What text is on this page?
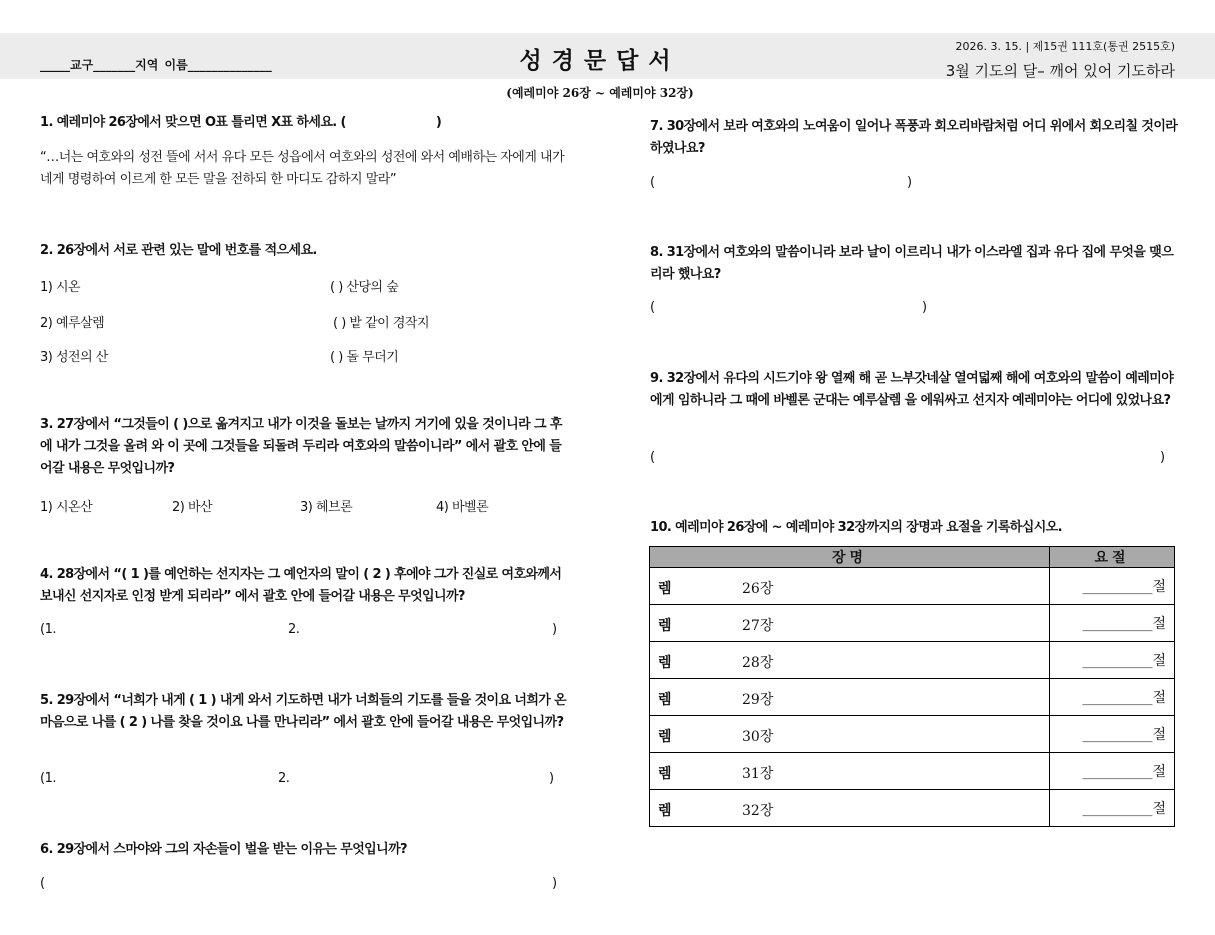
_____교구_______지역 이름______________	성경문답서
2026. 3. 15. | 제15권 111호(통권 2515호)
3월 기도의 달– 깨어 있어 기도하라
(예레미야 26장 ~ 예레미야 32장)
1. 예레미야 26장에서 맞으면 O표 틀리면 X표 하세요. (	)
“…너는 여호와의 성전 뜰에 서서 유다 모든 성읍에서 여호와의 성전에 와서 예배하는 자에게 내가 네게 명령하여 이르게 한 모든 말을 전하되 한 마디도 감하지 말라”
2. 26장에서 서로 관련 있는 말에 번호를 적으세요.
1) 시온	( ) 산당의 숲
2) 예루살렘	( ) 밭 같이 경작지
3) 성전의 산	( ) 돌 무더기
3. 27장에서 “그것들이 ( )으로 옮겨지고 내가 이것을 돌보는 날까지 거기에 있을 것이니라 그 후에 내가 그것을 올려 와 이 곳에 그것들을 되돌려 두리라 여호와의 말씀이니라” 에서 괄호 안에 들어갈 내용은 무엇입니까?
1) 시온산	2) 바산	3) 헤브론	4) 바벨론
4. 28장에서 “( 1 )를 예언하는 선지자는 그 예언자의 말이 ( 2 ) 후에야 그가 진실로 여호와께서 보내신 선지자로 인정 받게 되리라” 에서 괄호 안에 들어갈 내용은 무엇입니까?
(1.	2.	)
5. 29장에서 “너희가 내게 ( 1 ) 내게 와서 기도하면 내가 너희들의 기도를 들을 것이요 너희가 온 마음으로 나를 ( 2 ) 나를 찾을 것이요 나를 만나리라” 에서 괄호 안에 들어갈 내용은 무엇입니까?
(1.	2.	)
6. 29장에서 스마야와 그의 자손들이 벌을 받는 이유는 무엇입니까?
(	)
7. 30장에서 보라 여호와의 노여움이 일어나 폭풍과 회오리바람처럼 어디 위에서 회오리칠 것이라 하였나요?
(	)
8. 31장에서 여호와의 말씀이니라 보라 날이 이르리니 내가 이스라엘 집과 유다 집에 무엇을 맺으리라 했나요?
(	)
9. 32장에서 유다의 시드기야 왕 열째 해 곧 느부갓네살 열여덟째 해에 여호와의 말씀이 예레미야에게 임하니라 그 때에 바벨론 군대는 예루살렘 을 에워싸고 선지자 예레미야는 어디에 있었나요?
(	)
10. 예레미야 26장에 ~ 예레미야 32장까지의 장명과 요절을 기록하십시오.
장명	요절

렘 26장	__________절

렘 27장	__________절

렘 28장	__________절

렘 29장	__________절

렘 30장	__________절

렘 31장	__________절

렘 32장	__________절
